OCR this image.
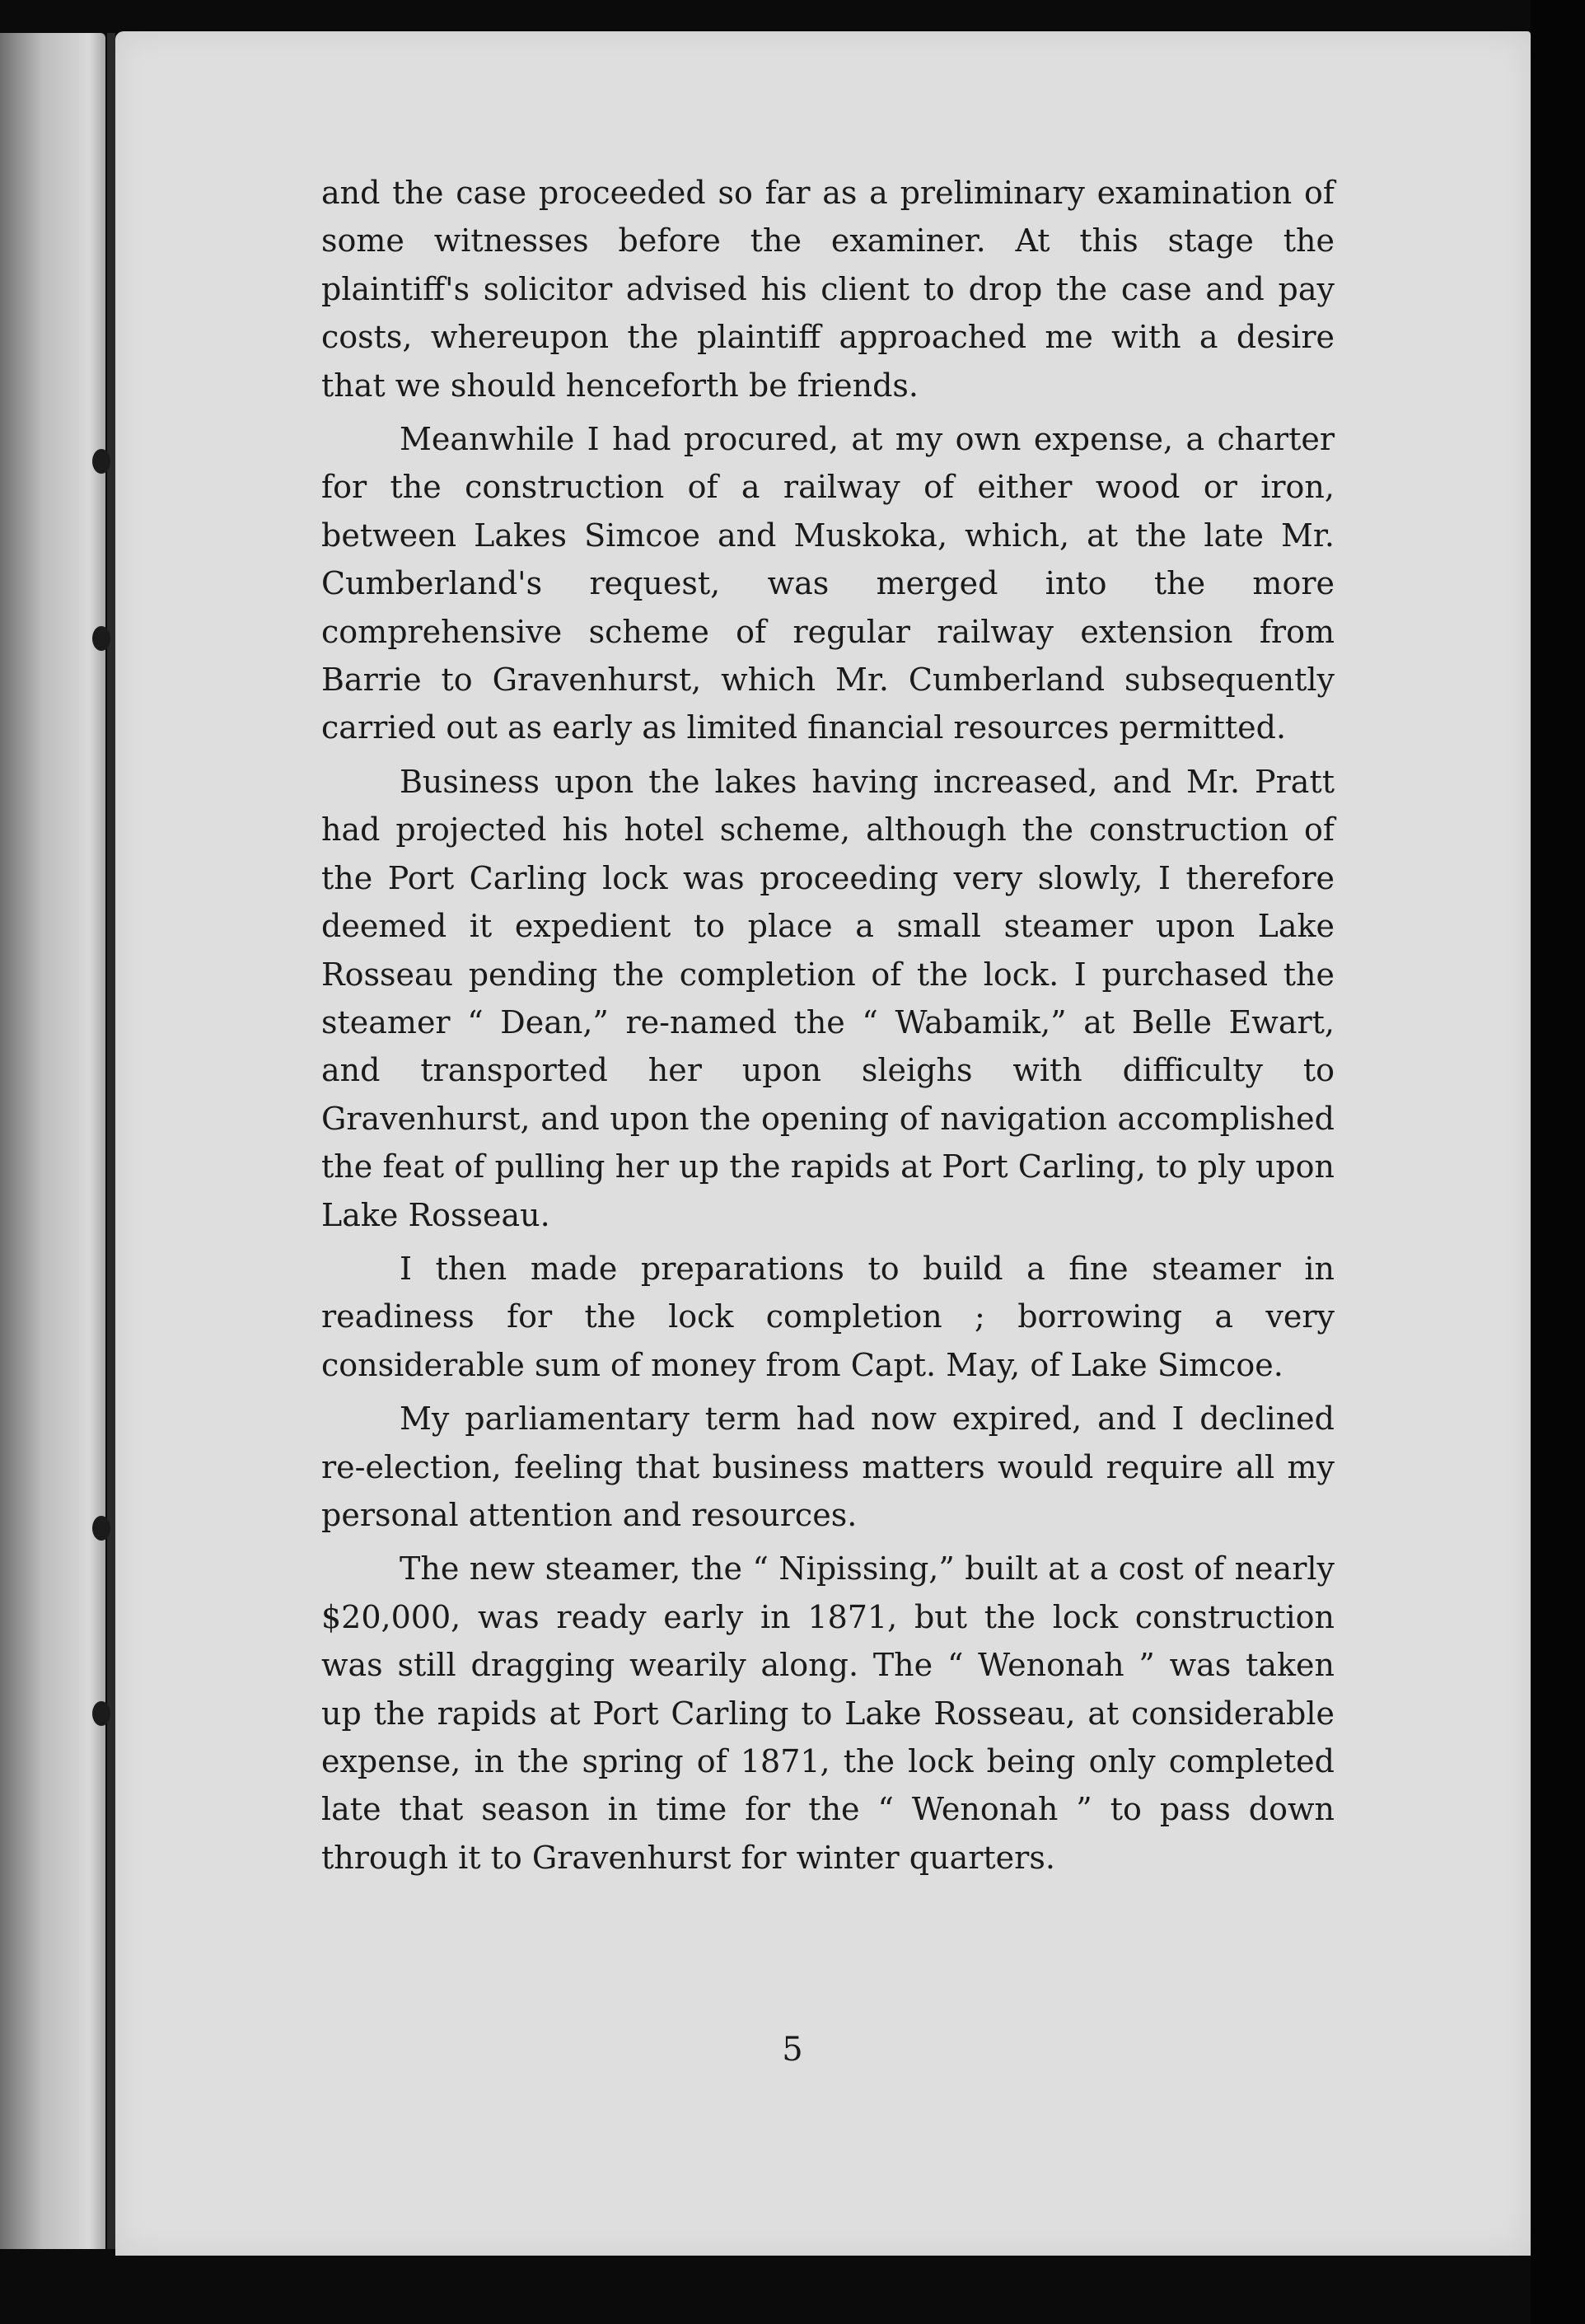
and the case proceeded so far as a preliminary examination of some witnesses before the examiner. At this stage the plaintiff's solicitor advised his client to drop the case and pay costs, whereupon the plaintiff approached me with a desire that we should henceforth be friends.

Meanwhile I had procured, at my own expense, a charter for the construction of a railway of either wood or iron, between Lakes Simcoe and Muskoka, which, at the late Mr. Cumberland's request, was merged into the more comprehensive scheme of regular railway extension from Barrie to Gravenhurst, which Mr. Cumberland subsequently carried out as early as limited financial resources permitted.

Business upon the lakes having increased, and Mr. Pratt had projected his hotel scheme, although the construction of the Port Carling lock was proceeding very slowly, I therefore deemed it expedient to place a small steamer upon Lake Rosseau pending the completion of the lock. I purchased the steamer “ Dean,” re-named the “ Wabamik,” at Belle Ewart, and transported her upon sleighs with difficulty to Gravenhurst, and upon the opening of navigation accomplished the feat of pulling her up the rapids at Port Carling, to ply upon Lake Rosseau.

I then made preparations to build a fine steamer in readiness for the lock completion ; borrowing a very considerable sum of money from Capt. May, of Lake Simcoe.

My parliamentary term had now expired, and I declined re-election, feeling that business matters would require all my personal attention and resources.

The new steamer, the “ Nipissing,” built at a cost of nearly $20,000, was ready early in 1871, but the lock construction was still dragging wearily along. The “ Wenonah ” was taken up the rapids at Port Carling to Lake Rosseau, at considerable expense, in the spring of 1871, the lock being only completed late that season in time for the “ Wenonah ” to pass down through it to Gravenhurst for winter quarters.

5
